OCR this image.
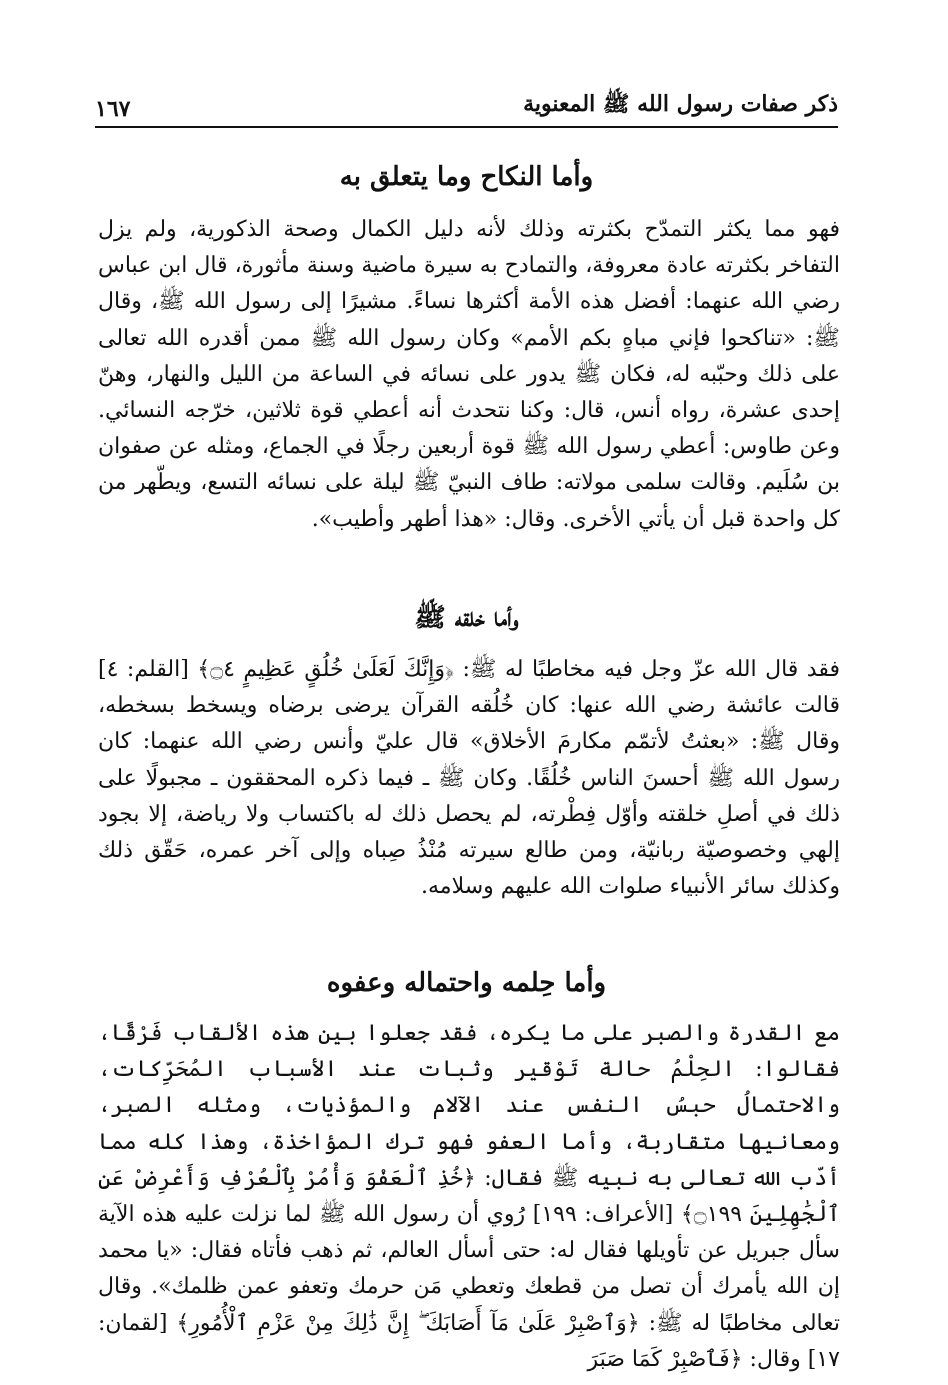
ذكر صفات رسول الله ﷺ المعنوية
١٦٧
وأما النكاح وما يتعلق به

فهو مما يكثر التمدّح بكثرته وذلك لأنه دليل الكمال وصحة الذكورية، ولم يزل التفاخر بكثرته عادة معروفة، والتمادح به سيرة ماضية وسنة مأثورة، قال ابن عباس رضي الله عنهما: أفضل هذه الأمة أكثرها نساءً. مشيرًا إلى رسول الله ﷺ، وقال ﷺ: «تناكحوا فإني مباهٍ بكم الأمم» وكان رسول الله ﷺ ممن أقدره الله تعالى على ذلك وحبّبه له، فكان ﷺ يدور على نسائه في الساعة من الليل والنهار، وهنّ إحدى عشرة، رواه أنس، قال: وكنا نتحدث أنه أعطي قوة ثلاثين، خرّجه النسائي. وعن طاوس: أعطي رسول الله ﷺ قوة أربعين رجلًا في الجماع، ومثله عن صفوان بن سُلَيم. وقالت سلمى مولاته: طاف النبيّ ﷺ ليلة على نسائه التسع، ويطّهر من كل واحدة قبل أن يأتي الأخرى. وقال: «هذا أطهر وأطيب».

وأما خلقه ﷺ

فقد قال الله عزّ وجل فيه مخاطبًا له ﷺ: ﴿وَإِنَّكَ لَعَلَىٰ خُلُقٍ عَظِيمٍ ۝٤﴾ [القلم: ٤] قالت عائشة رضي الله عنها: كان خُلُقه القرآن يرضى برضاه ويسخط بسخطه، وقال ﷺ: «بعثتُ لأتمّم مكارمَ الأخلاق» قال عليّ وأنس رضي الله عنهما: كان رسول الله ﷺ أحسنَ الناس خُلُقًا. وكان ﷺ ـ فيما ذكره المحققون ـ مجبولًا على ذلك في أصلِ خلقته وأوّل فِطْرته، لم يحصل ذلك له باكتساب ولا رياضة، إلا بجود إلهي وخصوصيّة ربانيّة، ومن طالع سيرته مُنْذُ صِباه وإلى آخر عمره، حَقّق ذلك وكذلك سائر الأنبياء صلوات الله عليهم وسلامه.

وأما حِلمه واحتماله وعفوه

مع القدرة والصبر على ما يكره، فقد جعلوا بين هذه الألقاب فَرْقًا، فقالوا: الحِلْمُ حالة تَوْقير وثبات عند الأسباب المُحَرِّكات، والاحتمالُ حبسُ النفس عند الآلام والمؤذيات، ومثله الصبر، ومعانيها متقاربة، وأما العفو فهو ترك المؤاخذة، وهذا كله مما أدّب الله تعالى به نبيه ﷺ فقال: ﴿خُذِ ٱلْعَفْوَ وَأْمُرْ بِٱلْعُرْفِ وَأَعْرِضْ عَنِ ٱلْجَٰهِلِينَ ۝١٩٩﴾ [الأعراف: ١٩٩] رُوي أن رسول الله ﷺ لما نزلت عليه هذه الآية سأل جبريل عن تأويلها فقال له: حتى أسأل العالم، ثم ذهب فأتاه فقال: «يا محمد إن الله يأمرك أن تصل من قطعك وتعطي مَن حرمك وتعفو عمن ظلمك». وقال تعالى مخاطبًا له ﷺ: ﴿وَٱصْبِرْ عَلَىٰ مَآ أَصَابَكَ ۖ إِنَّ ذَٰلِكَ مِنْ عَزْمِ ٱلْأُمُورِ﴾ [لقمان: ١٧] وقال: ﴿فَٱصْبِرْ كَمَا صَبَرَ
